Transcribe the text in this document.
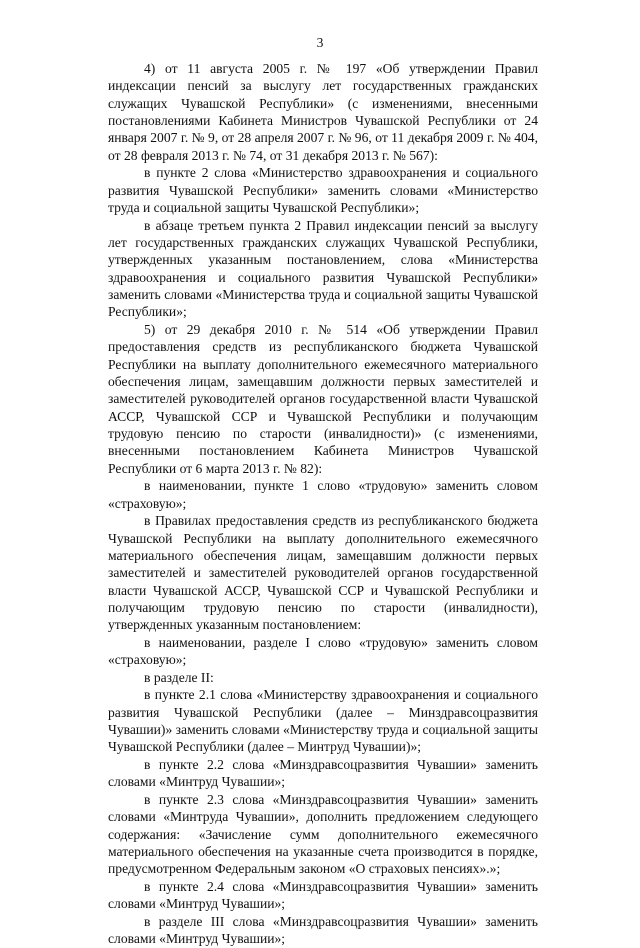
3

4) от 11 августа 2005 г. № 197 «Об утверждении Правил индексации пенсий за выслугу лет государственных гражданских служащих Чувашской Республики» (с изменениями, внесенными постановлениями Кабинета Министров Чувашской Республики от 24 января 2007 г. № 9, от 28 апреля 2007 г. № 96, от 11 декабря 2009 г. № 404, от 28 февраля 2013 г. № 74, от 31 декабря 2013 г. № 567):

в пункте 2 слова «Министерство здравоохранения и социального развития Чувашской Республики» заменить словами «Министерство труда и социальной защиты Чувашской Республики»;

в абзаце третьем пункта 2 Правил индексации пенсий за выслугу лет государственных гражданских служащих Чувашской Республики, утвержденных указанным постановлением, слова «Министерства здравоохранения и социального развития Чувашской Республики» заменить словами «Министерства труда и социальной защиты Чувашской Республики»;

5) от 29 декабря 2010 г. № 514 «Об утверждении Правил предоставления средств из республиканского бюджета Чувашской Республики на выплату дополнительного ежемесячного материального обеспечения лицам, замещавшим должности первых заместителей и заместителей руководителей органов государственной власти Чувашской АССР, Чувашской ССР и Чувашской Республики и получающим трудовую пенсию по старости (инвалидности)» (с изменениями, внесенными постановлением Кабинета Министров Чувашской Республики от 6 марта 2013 г. № 82):

в наименовании, пункте 1 слово «трудовую» заменить словом «страховую»;

в Правилах предоставления средств из республиканского бюджета Чувашской Республики на выплату дополнительного ежемесячного материального обеспечения лицам, замещавшим должности первых заместителей и заместителей руководителей органов государственной власти Чувашской АССР, Чувашской ССР и Чувашской Республики и получающим трудовую пенсию по старости (инвалидности), утвержденных указанным постановлением:

в наименовании, разделе I слово «трудовую» заменить словом «страховую»;

в разделе II:

в пункте 2.1 слова «Министерству здравоохранения и социального развития Чувашской Республики (далее – Минздравсоцразвития Чувашии)» заменить словами «Министерству труда и социальной защиты Чувашской Республики (далее – Минтруд Чувашии)»;

в пункте 2.2 слова «Минздравсоцразвития Чувашии» заменить словами «Минтруд Чувашии»;

в пункте 2.3 слова «Минздравсоцразвития Чувашии» заменить словами «Минтруда Чувашии», дополнить предложением следующего содержания: «Зачисление сумм дополнительного ежемесячного материального обеспечения на указанные счета производится в порядке, предусмотренном Федеральным законом «О страховых пенсиях».»;

в пункте 2.4 слова «Минздравсоцразвития Чувашии» заменить словами «Минтруд Чувашии»;

в разделе III слова «Минздравсоцразвития Чувашии» заменить словами «Минтруд Чувашии»;
